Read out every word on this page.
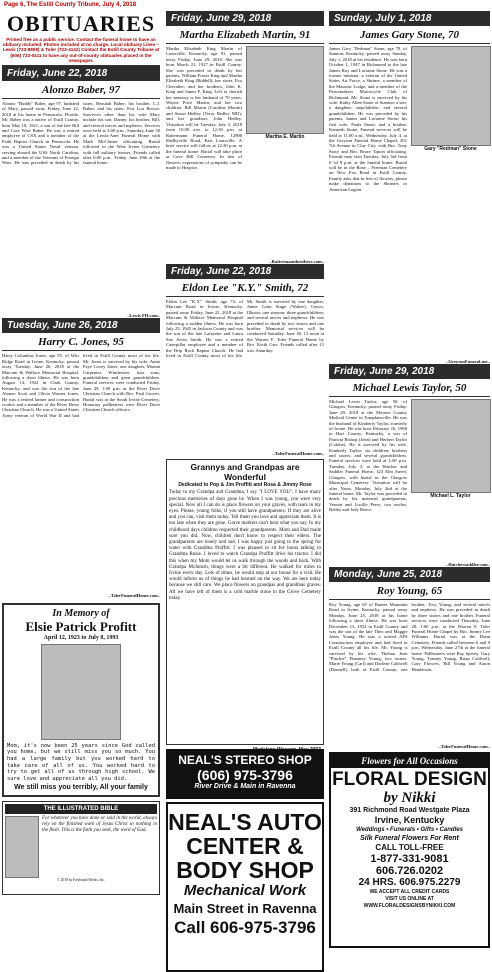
Page 6, The Estill County Tribune, July 4, 2018
OBITUARIES
Printed free as a public service. Contact the funeral home to have an obituary included. Photos included at no charge. Local obituary Lines – Lewis (723-8808) & Toler (723-4142) Contact the Estill County Tribune at (606) 723-0411 to have any out-of-county obituaries placed in the newspaper.
Friday, June 22, 2018
Alonzo Baber, 97

Alonzo "Buddy" Baber, age 97, husband of Mary, passed away Friday, June 22, 2018 at his home in Pensacola, Florida. Mr. Baber was a native of Estill County, born May 10, 1921, a son of the late Bill and Cora Wise Baber. He was a retired employee of CSX and a member of the Faith Baptist Church in Pensacola. He was a United States Naval veteran, serving aboard the USS North Carolina, and a member of the Veterans of Foreign Wars. He was preceded in death by his sister, Beaulah Baber; his brother, L.J. Baber; and his sister, Eva Lou Brown. Survivors other than his wife Mary include his son, Danny; his brother, Bill; and several nieces and nephews. Services were held at 3:00 p.m., Saturday, June 30 at the Lewis-Aner Funeral Home with Mark McCluster officiating. Burial followed in the West Irvine Cemetery with full military honors. Friends called after 6:00 p.m., Friday, June 29th at the funeral home.

–Lewis FH.com–
Tuesday, June 26, 2018
Harry C. Jones, 95

Harry Columbus Jones, age 95, of Wiir Ridge Road in Irvine, Kentucky, passed away Tuesday, June 26, 2018 at the Marcum & Wallace Memorial Hospital, following a short illness. He was born August 14, 1922 in Clark County, Kentucky, and was the son of the late Alonzo Scott and Olivia Warner Jones. He was a retired farmer and construction worker and a member of the River Drive Christian Church. He was a United States Army veteran of World War II and had lived in Estill County most of his life. Mr. Jones is survived by his wife, Anita Faye Covey Jones; one daughter, Marian Carpenter, Winchester; four sons; grandchildren and great grandchildren. Funeral services were conducted Friday, June 29, 1:00 p.m. at the River Drive Christian Church with Rev. Paul Groves. Burial was at the South Irvine Cemetery. Honorary pallbearers were River Drive Christian Church officers.

–TolerFuneralHome.com–
In Memory of
Elsie Patrick Profitt
April 12, 1923 to July 8, 1993

Mom, it's now been 25 years since God called you home, but we still miss you so much. You had a large family but you worked hard to take care of all of us. You worked hard to try to get all of us through high school. We sure love and appreciate all you did.

We still miss you terribly, All your family
THE ILLUSTRATED BIBLE

For whatever you have done or said in the world, always rely on the finished work of Jesus Christ so nothing in the flesh. This is the faith you seek, the word of God.

© 2018 by Keyboard Words, Inc.
Friday, June 29, 2018
Martha Elizabeth Martin, 91

Martha Elizabeth King Martin of Louisville, Kentucky, age 91, passed away Friday, June 29, 2018. She was born March 21, 1927 in Estill County. She was preceded in death by her parents, William Foster King and Martha Elizabeth King (Riddell); her sister, Eva Chevalier; and her brothers, John K. King and James F. King. Left to cherish her memory is her husband of 70 years, Wayne Price Martin; and her two children, Bill Martin (Caroline Martin) and Susan Hedley (Terry Hedley MD); and her grandson, John Hedley. Visitation will be Tuesday, July 3, 2018 from 10:00 a.m. to 12:30 p.m. at Rattermann Funeral Home, 12900 Shelbyville Road, East Louisville. A brief service will follow at 12:30 p.m. at the funeral home. Burial will take place at Cave Hill Cemetery. In lieu of flowers, expressions of sympathy can be made to Hospice.

Martha E. Martin
–Rattermannbrothers.com–
Friday, June 22, 2018
Eldon Lee "K.Y." Smith, 72

Eldon Lee "K.Y." Smith, age 72, of Marcum Road in Irvine, Kentucky, passed away Friday, June 22, 2018 at the Marcum & Wallace Memorial Hospital following a sudden illness. He was born July 23, 1945 in Jackson County and was the son of the late Lafayette and Laura Sue Arvin Smith. He was a retired Caterpillar employee and a member of the Drip Rock Baptist Church. He had lived in Estill County most of his life. Mr. Smith is survived by one daughter, Jamie Lynn Stage (Walter), Cenco, Illinois; one stepson; three grandchildren; and several nieces and nephews. He was preceded in death by two sisters and one brother. Memorial services will be conducted Saturday, June 30, 12 noon at the Warren F. Toler Funeral Home by Bro. Keith Carr. Friends called after 11 a.m. Saturday.

–TolerFuneralHome.com–
Grannys and Grandpas are Wonderful
Dedicated to Pop & Jim Proffitt and Rosa & Jimmy Rose

Today to my Grandpa and Grandma, I say "I LOVE YOU". I have many precious memories of days gone by. When I was young, you were very special. Now all I can do is place flowers on your graves, with tears in my eyes. Please, young folks, if you still have grandparents: If they are alive and you can, visit them today. Tell them you love and appreciate them. It is too late when they are gone. Grave markers can't hear what you say. In my childhood days children respected their grandparents. Mom and Dad made sure you did. Now, children don't know to respect their elders. The grandparents are lonely and sad. I was happy just going to the spring for water with Grandma Proffitt. I was pleased to sit for hours talking to Grandma Rosie. I loved to watch Grandpa Proffitt drive his tractor. I did this when my Mom would let us walk through the woods and back. With Grandpa McIntosh, things were a bit different. He walked for miles to Irvine every day. Lots of times, he would stop at our house for a visit. He would inform us of things he had learned on the way. We are here today because we still care. We place flowers on grandpas and grandmas graves. All we have left of them is a cold marble stone in the Grove Cemetery today.

Madalene Wasson, May 2003
NEAL'S STEREO SHOP
(606) 975-3796
River Drive & Main in Ravenna
NEAL'S AUTO
CENTER &
BODY SHOP
Mechanical Work
Main Street in Ravenna
Call 606-975-3796
Sunday, July 1, 2018
James Gary Stone, 70

James Gary "Redman" Stone, age 70, of Stanton, Kentucky, passed away Sunday, July 1, 2018 at his residence. He was born October 1, 1947 in Richmond to the late James Roy and Lorraine Stone. He was a former minister, a veteran of the United States Air Force, a Shriner, a member of the Masonic Lodge, and a member of the Peacemakers Motorcycle Club of Richmond. Mr. Stone is survived by his wife, Kathy Allen Stone of Stanton; a son; a daughter; stepchildren; and several grandchildren. He was preceded by his parents, James and Lorraine Stone; his first wife, Paula Stone; and a brother, Kenneth Stone. Funeral services will be held at 11:00 a.m., Wednesday, July 4, at the Greyson Funeral Home Chapel, 201 7th Avenue in Clay City, with Bro. Tony Stacy and Bro. Bruce Tipton officiating. Friends may visit Tuesday, July 3rd from 6 'til 9 p.m. at the funeral home. Burial will be in the Rose – Freeman Cemetery on New Fox Road in Estill County. Family asks that in lieu of flowers, please make donations to the Shriners or American Legion.

Gary "Redman" Stone
–GreysonFuneral.net–
Friday, June 29, 2018
Michael Lewis Taylor, 50

Michael Lewis Taylor, age 50, of Glasgow, Kentucky, passed away Friday, June 29, 2018 at the Monroe County Medical Center in Tompkinsville. He was the husband of Kimberly Taylor, formerly of Irvine. He was born February 16, 1968 in Hart County, Kentucky, a son of Patricia Bishop (John) and Herbert Taylor (Colette). He is survived by his wife, Kimberly Taylor; six children; brothers and sisters; and several grandchildren. Funeral services were held at 1:00 p.m. Tuesday, July 3, at the Hatcher and Saddler Funeral Home, 123 Elm Street, Glasgow, with burial in the Glasgow Municipal Cemetery. Visitation will be after Noon, Monday, July 2nd at the funeral home. Mr. Taylor was preceded in death by his maternal grandparents, Vernon and Lucille Perry; two uncles, Bobby and Jody Reece.

Michael L. Taylor
–Hatchersaddler.com–
Monday, June 25, 2018
Roy Young, 65

Roy Young, age 65 of Barnes Mountain Road in Irvine, Kentucky, passed away Monday, June 25, 2018 at his home following a short illness. He was born December 13, 1952 in Estill County and was the son of the late Theo and Maggie Jones Young. He was a retired AFS Construction employee and had lived in Estill County all his life. Mr. Young is survived by his wife, Thelma Jean "Pinchie" Flannery Young; two sisters: Marie Young (Carl) and Darlene Caldwell (Donnell), both of Estill County; one brother, Troy Young; and several nieces and nephews. He was preceded in death by three sisters and one brother. Funeral services were conducted Thursday, June 28, 1:00 p.m. at the Warren F. Toler Funeral Home Chapel by Bro. Jimmy Lee Williams. Burial was at the Dunn Cemetery. Friends called between 6 and 9 p.m. Wednesday, June 27th at the funeral home. Pallbearers were Ray Spivey, Gary Young, Tommy Young, Brian Caldwell, Gary Flowers, Bill Young and Aaron Henderson.

–TolerFuneralHome.com–
Flowers for All Occasions
FLORAL DESIGN
by Nikki
391 Richmond Road Westgate Plaza
Irvine, Kentucky
Weddings • Funerals • Gifts • Candles
Silk Funeral Flowers For Rent
CALL TOLL-FREE
1-877-331-9081
606.726.0202
24 HRS. 606.975.2279
WE ACCEPT ALL CREDIT CARDS
VISIT US ONLINE AT
WWW.FLORALDESIGNSBYNIKKI.COM
